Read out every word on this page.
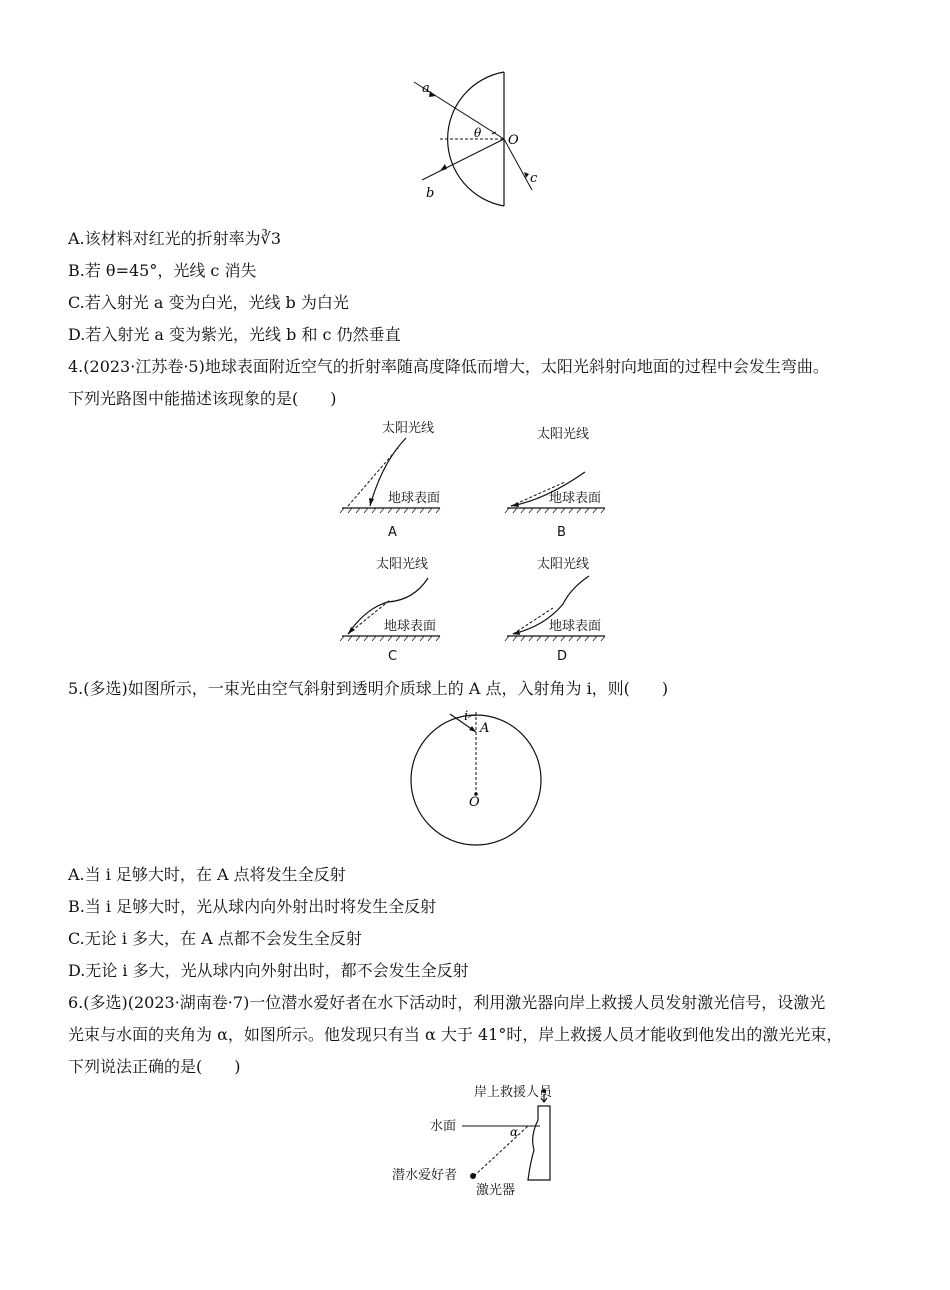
a
θ O
b
c
A.该材料对红光的折射率为∛3
B.若 θ=45°，光线 c 消失
C.若入射光 a 变为白光，光线 b 为白光
D.若入射光 a 变为紫光，光线 b 和 c 仍然垂直
4.(2023·江苏卷·5)地球表面附近空气的折射率随高度降低而增大，太阳光斜射向地面的过程中会发生弯曲。
下列光路图中能描述该现象的是(　　)
太阳光线
地球表面
A
太阳光线
地球表面
B
太阳光线
地球表面
C
太阳光线
地球表面
D
5.(多选)如图所示，一束光由空气斜射到透明介质球上的 A 点，入射角为 i，则(　　)
i
A
O
A.当 i 足够大时，在 A 点将发生全反射
B.当 i 足够大时，光从球内向外射出时将发生全反射
C.无论 i 多大，在 A 点都不会发生全反射
D.无论 i 多大，光从球内向外射出时，都不会发生全反射
6.(多选)(2023·湖南卷·7)一位潜水爱好者在水下活动时，利用激光器向岸上救援人员发射激光信号，设激光
光束与水面的夹角为 α，如图所示。他发现只有当 α 大于 41°时，岸上救援人员才能收到他发出的激光光束，
下列说法正确的是(　　)
岸上救援人员
水面	α
潜水爱好者
激光器
